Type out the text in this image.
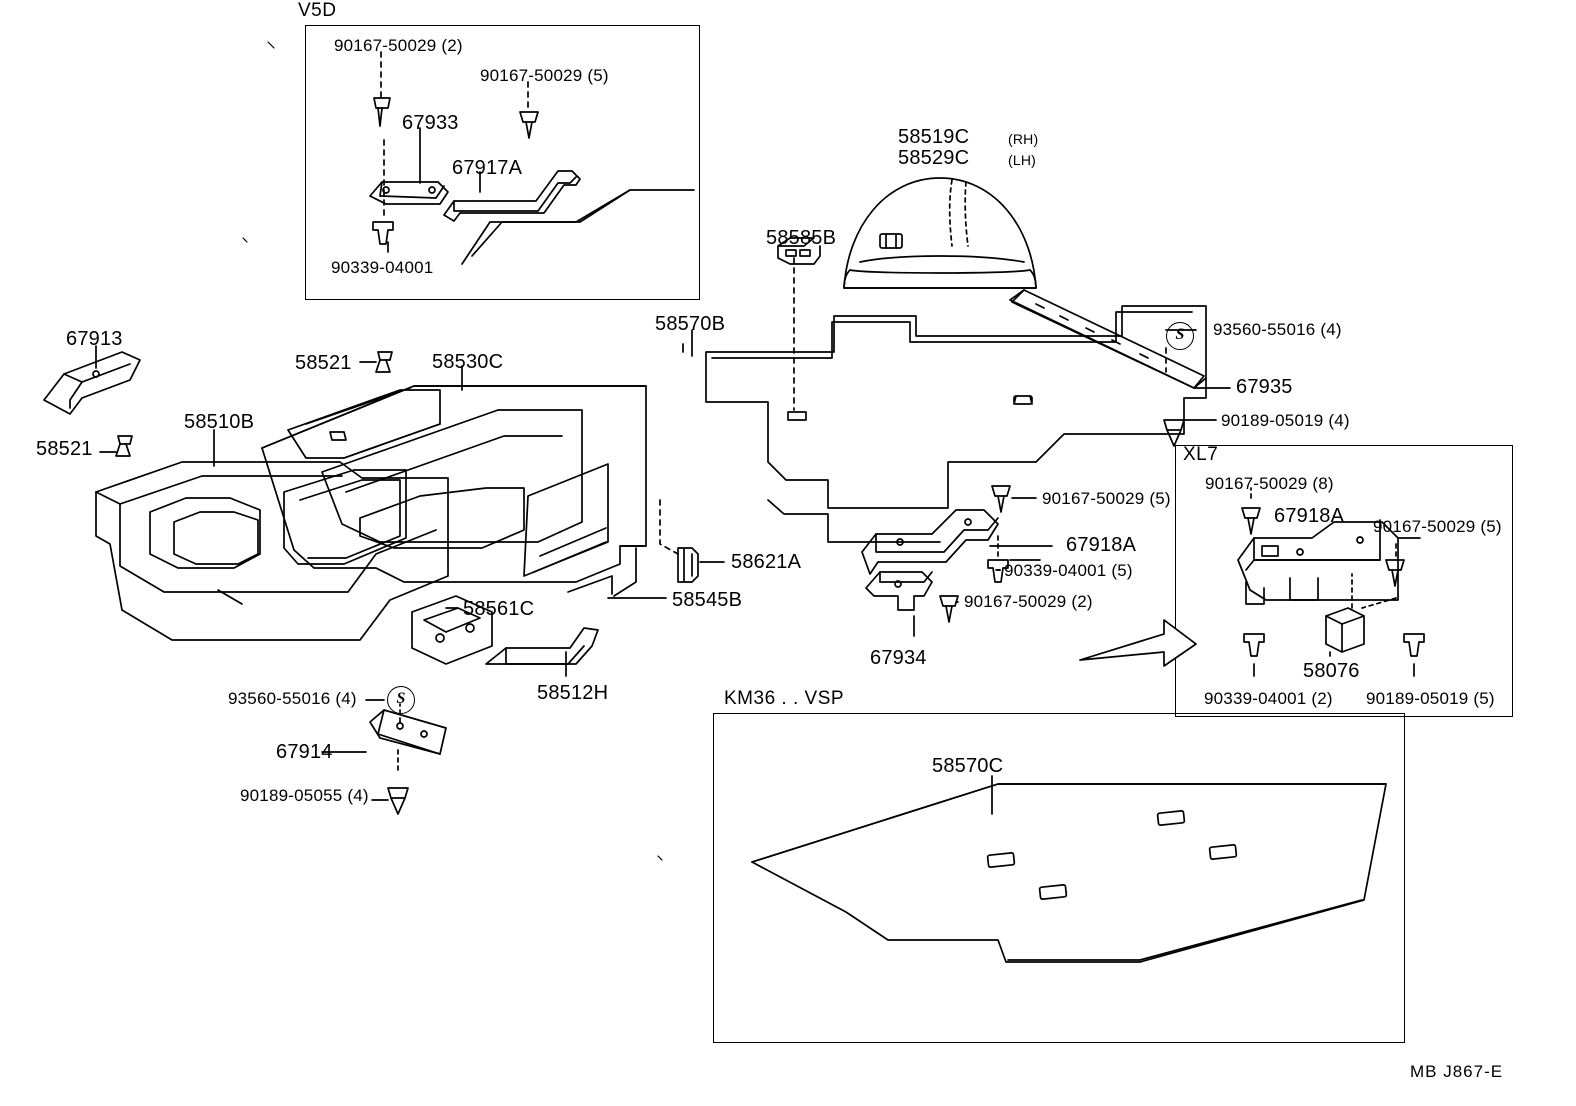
V5D
XL7
KM36 . . VSP
90167-50029 (2)
90167-50029 (5)
67933
67917A
90339-04001
58519C	(RH)
58529C	(LH)
58585B
58570B	93560-55016 (4)
67935
90189-05019 (4)
67913
58521	58530C
58510B
58521
90167-50029 (8)
90167-50029 (5)
67918A 90167-50029 (5)
67918A
58621A	90339-04001 (5)
58545B
58561C	90167-50029 (2)
58076
67934
58512H	90339-04001 (2) 90189-05019 (5)
93560-55016 (4)
67914
90189-05055 (4)
58570C
S
S
MB J867-E
